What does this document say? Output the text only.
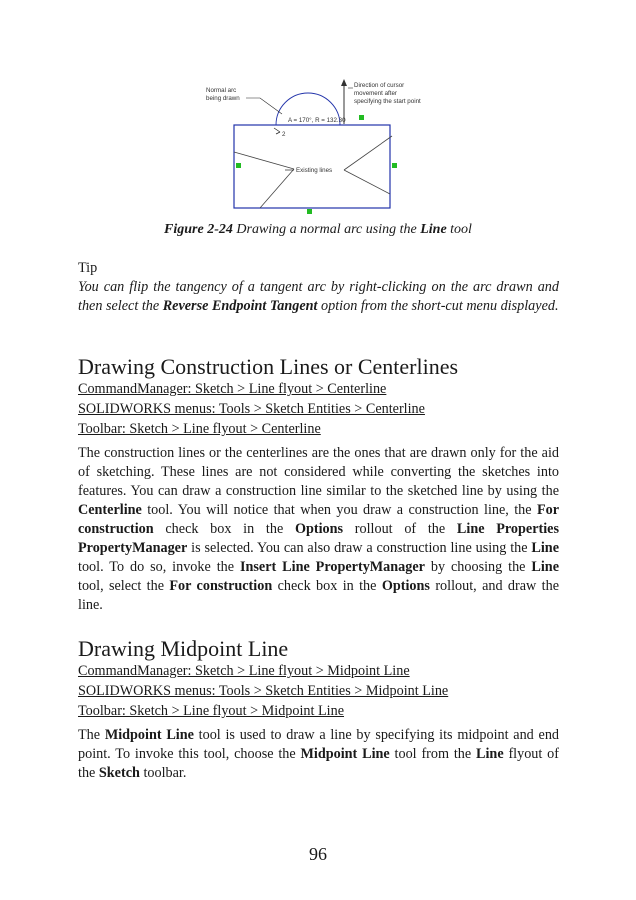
2
Normal arc being drawn
Direction of cursor movement after specifying the start point
A = 170°, R = 132.30
Existing lines
Figure 2-24 Drawing a normal arc using the Line tool
Tip
You can flip the tangency of a tangent arc by right-clicking on the arc drawn and then select the Reverse Endpoint Tangent option from the short-cut menu displayed.
Drawing Construction Lines or Centerlines
CommandManager: Sketch > Line flyout > Centerline
SOLIDWORKS menus: Tools > Sketch Entities > Centerline
Toolbar: Sketch > Line flyout > Centerline
The construction lines or the centerlines are the ones that are drawn only for the aid of sketching. These lines are not considered while converting the sketches into features. You can draw a construction line similar to the sketched line by using the Centerline tool. You will notice that when you draw a construction line, the For construction check box in the Options rollout of the Line Properties PropertyManager is selected. You can also draw a construction line using the Line tool. To do so, invoke the Insert Line PropertyManager by choosing the Line tool, select the For construction check box in the Options rollout, and draw the line.
Drawing Midpoint Line
CommandManager: Sketch > Line flyout > Midpoint Line
SOLIDWORKS menus: Tools > Sketch Entities > Midpoint Line
Toolbar: Sketch > Line flyout > Midpoint Line
The Midpoint Line tool is used to draw a line by specifying its midpoint and end point. To invoke this tool, choose the Midpoint Line tool from the Line flyout of the Sketch toolbar.
96
